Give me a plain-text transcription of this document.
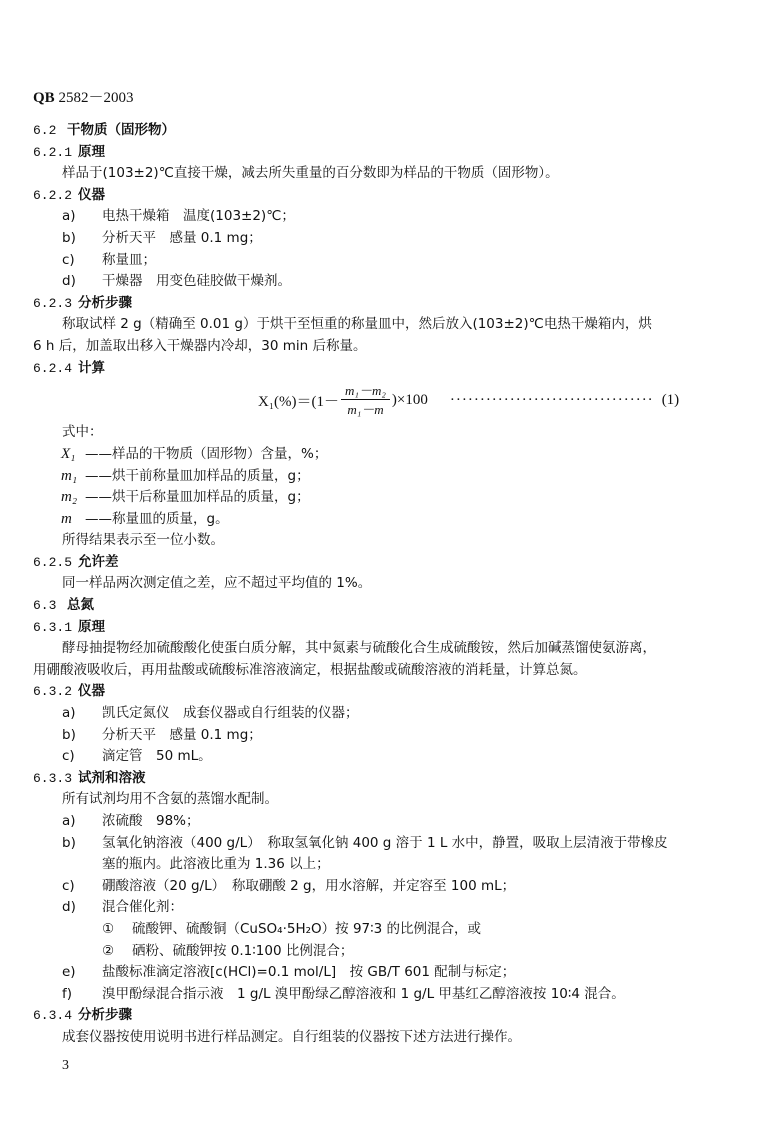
QB 2582－2003
6.2 干物质（固形物）
6.2.1 原理
样品于(103±2)℃直接干燥，减去所失重量的百分数即为样品的干物质（固形物）。
6.2.2 仪器
a) 电热干燥箱　温度(103±2)℃；
b) 分析天平　感量 0.1 mg；
c) 称量皿；
d) 干燥器　用变色硅胶做干燥剂。
6.2.3 分析步骤
称取试样 2 g（精确至 0.01 g）于烘干至恒重的称量皿中，然后放入(103±2)℃电热干燥箱内，烘
6 h 后，加盖取出移入干燥器内冷却，30 min 后称量。
6.2.4 计算
$X_1(\%)=(1- \frac{\text{m₁－m₂}}{\text{m₁－m}} )\times 100$ ·································· (1)
式中：
X₁ ——样品的干物质（固形物）含量，%；
m₁ ——烘干前称量皿加样品的质量，g；
m₂ ——烘干后称量皿加样品的质量，g；
m ——称量皿的质量，g。
所得结果表示至一位小数。
6.2.5 允许差
同一样品两次测定值之差，应不超过平均值的 1%。
6.3 总氮
6.3.1 原理
酵母抽提物经加硫酸酸化使蛋白质分解，其中氮素与硫酸化合生成硫酸铵，然后加碱蒸馏使氨游离，
用硼酸液吸收后，再用盐酸或硫酸标准溶液滴定，根据盐酸或硫酸溶液的消耗量，计算总氮。
6.3.2 仪器
a) 凯氏定氮仪　成套仪器或自行组装的仪器；
b) 分析天平　感量 0.1 mg；
c) 滴定管　50 mL。
6.3.3 试剂和溶液
所有试剂均用不含氨的蒸馏水配制。
a) 浓硫酸　98%；
b) 氢氧化钠溶液（400 g/L）　称取氢氧化钠 400 g 溶于 1 L 水中，静置，吸取上层清液于带橡皮
塞的瓶内。此溶液比重为 1.36 以上；
c) 硼酸溶液（20 g/L）　称取硼酸 2 g，用水溶解，并定容至 100 mL；
d) 混合催化剂：
① 硫酸钾、硫酸铜（CuSO₄·5H₂O）按 97∶3 的比例混合，或
② 硒粉、硫酸钾按 0.1∶100 比例混合；
e) 盐酸标准滴定溶液[c(HCl)=0.1 mol/L]　按 GB/T 601 配制与标定；
f) 溴甲酚绿混合指示液　1 g/L 溴甲酚绿乙醇溶液和 1 g/L 甲基红乙醇溶液按 10∶4 混合。
6.3.4 分析步骤
成套仪器按使用说明书进行样品测定。自行组装的仪器按下述方法进行操作。
3
